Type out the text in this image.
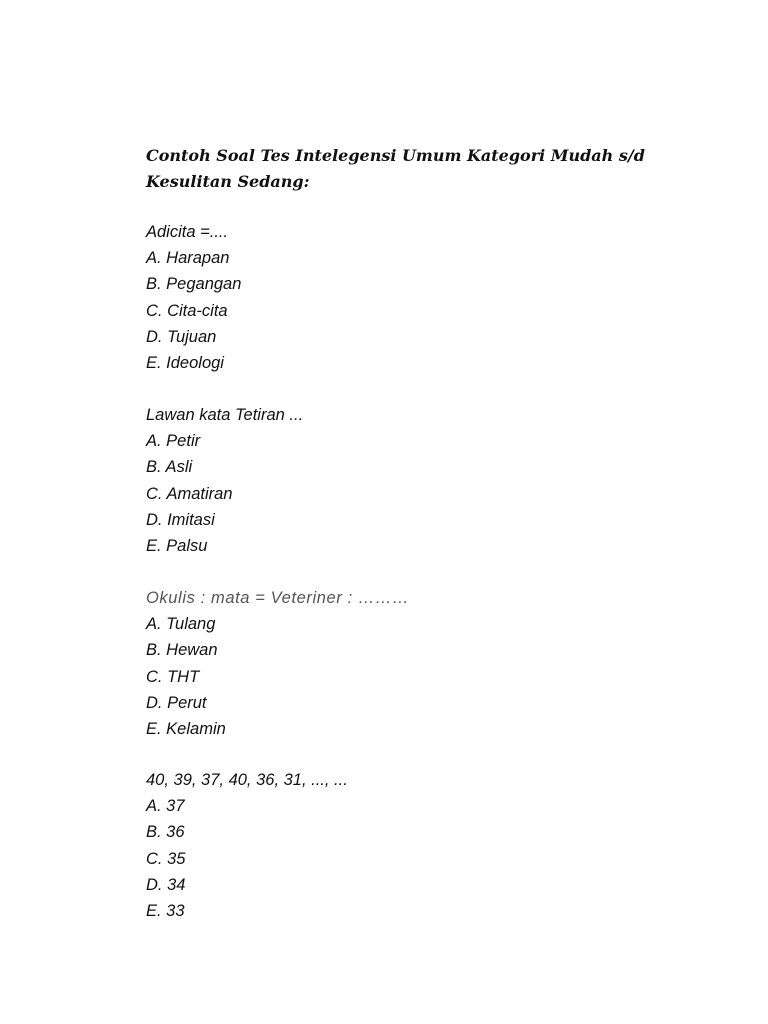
Contoh Soal Tes Intelegensi Umum Kategori Mudah s/d Kesulitan Sedang:

Adicita =....
A. Harapan
B. Pegangan
C. Cita-cita
D. Tujuan
E. Ideologi
Lawan kata Tetiran ...
A. Petir
B. Asli
C. Amatiran
D. Imitasi
E. Palsu
Okulis : mata = Veteriner : ………
A. Tulang
B. Hewan
C. THT
D. Perut
E. Kelamin
40, 39, 37, 40, 36, 31, ..., ...
A. 37
B. 36
C. 35
D. 34
E. 33
